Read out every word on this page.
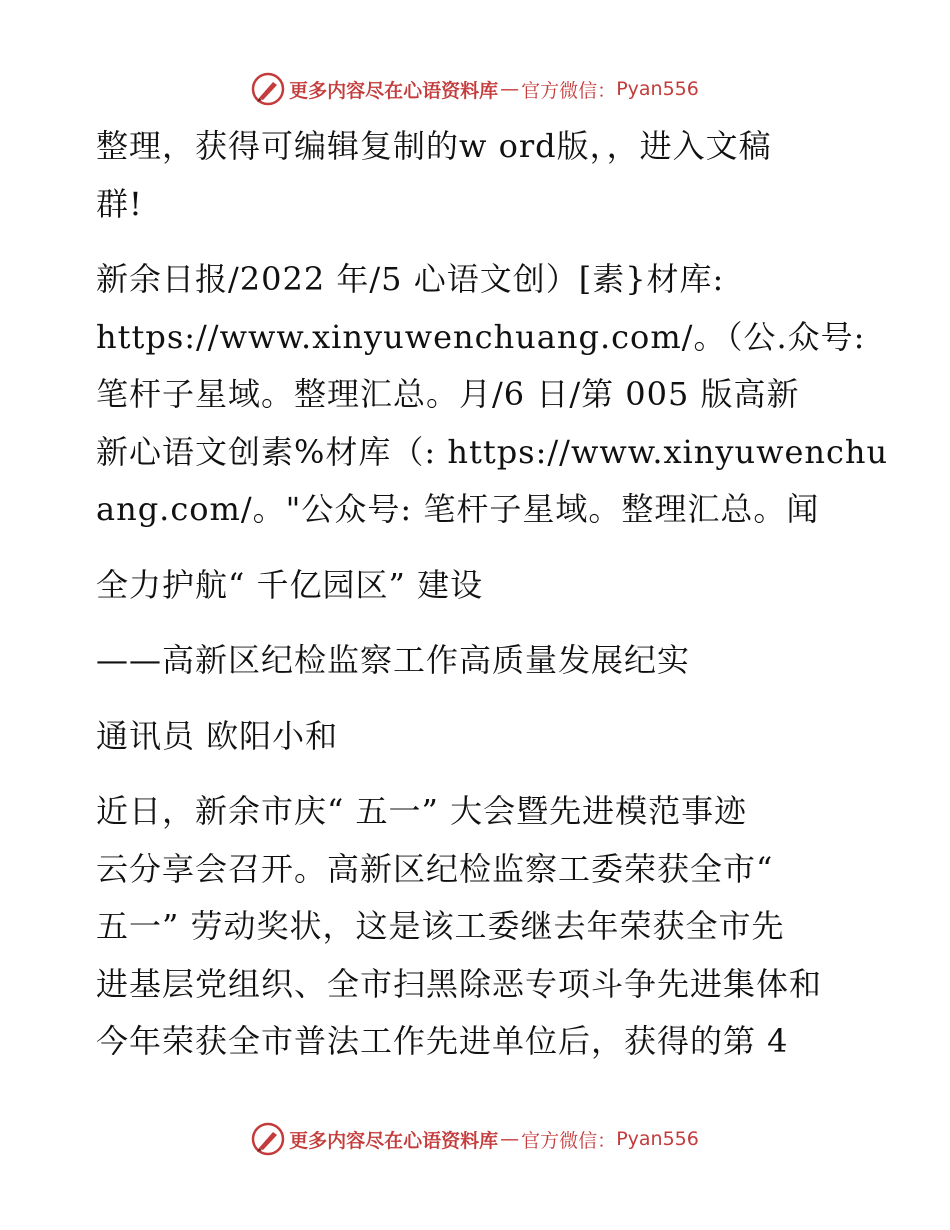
更多内容尽在心语资料库 — 官方微信： Pyan556
整理，获得可编辑复制的w ord版，，进入文稿
群!
新余日报/2022 年/5 心语文创）[素}材库:
https://www.xinyuwenchuang.com/。（公.众号:
笔杆子星域。整理汇总。月/6 日/第 005 版高新
新心语文创素%材库（: https://www.xinyuwenchu
ang.com/。"公众号: 笔杆子星域。整理汇总。闻
全力护航“ 千亿园区” 建设
——高新区纪检监察工作高质量发展纪实
通讯员 欧阳小和
近日，新余市庆“ 五一” 大会暨先进模范事迹
云分享会召开。高新区纪检监察工委荣获全市“
五一” 劳动奖状，这是该工委继去年荣获全市先
进基层党组织、全市扫黑除恶专项斗争先进集体和
今年荣获全市普法工作先进单位后，获得的第 4
更多内容尽在心语资料库 — 官方微信： Pyan556
